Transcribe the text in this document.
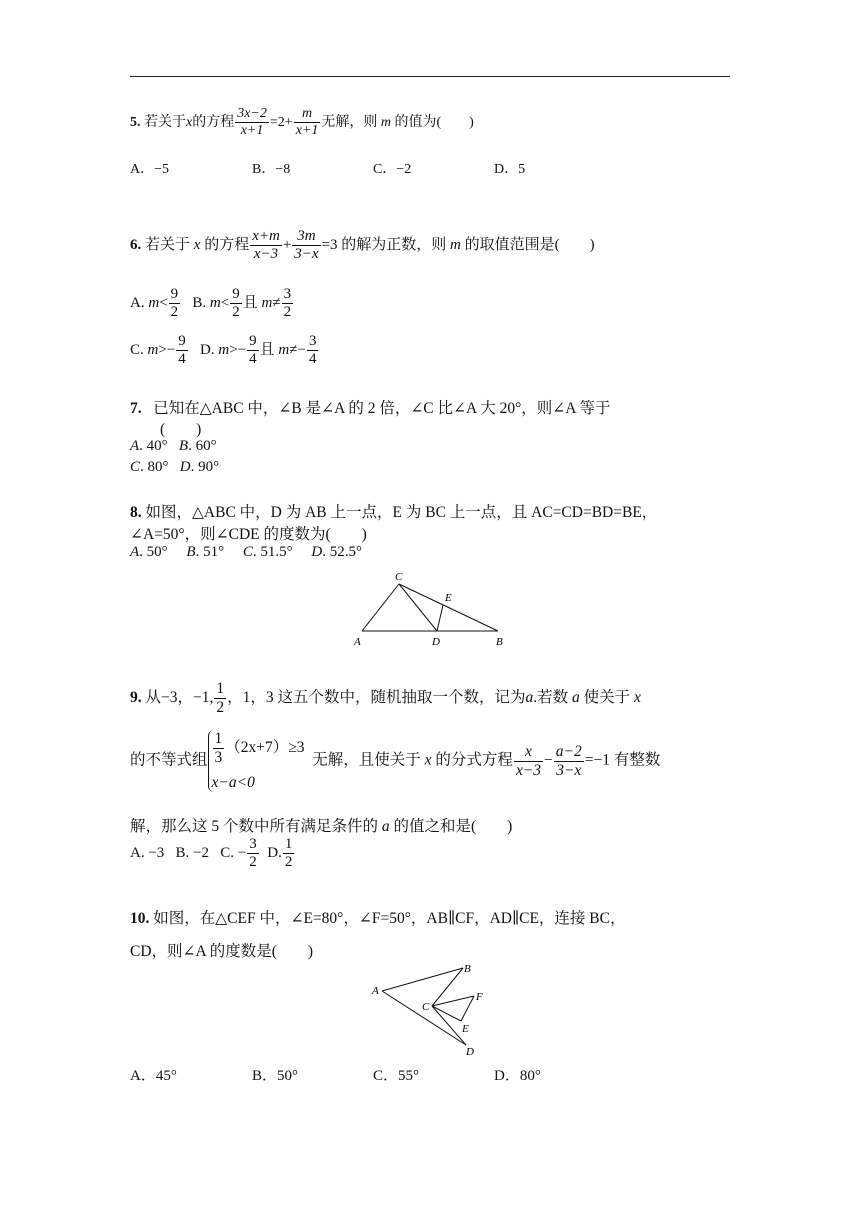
5. 若关于x的方程 $\frac{3x-2}{x+1} =2+ \frac{m}{x+1}$ 无解，则 m 的值为(　　)
A．−5	B．−8	C．−2	D．5
6. 若关于 x 的方程 $\frac{x+m}{x-3} + \frac{3m}{3-x} =3$ 的解为正数，则 m 的取值范围是(　　)
A. $m< \frac{9}{2} B$. $m< \frac{9}{2}$ 且 $m\ne \frac{3}{2}$
C. $m>- \frac{9}{4} D$. $m>- \frac{9}{4}$ 且 $m\ne- \frac{3}{4}$
7. 已知在△ABC 中，∠B 是∠A 的 2 倍，∠C 比∠A 大 20°，则∠A 等于
(　　)
A. 40° B. 60°
C. 80° D. 90°
8. 如图，△ABC 中，D 为 AB 上一点，E 为 BC 上一点，且 AC=CD=BD=BE，
∠A=50°，则∠CDE 的度数为(　　)
A. 50° B. 51° C. 51.5° D. 52.5°
C
E
A	D	B
9. 从−3，−1, $\frac{1}{2}$ ，1，3 这五个数中，随机抽取一个数，记为a.若数 a 使关于 x
的不等式组 $\frac{1}{3} (2x+7)\ge 3$
x−a<0
无解，且使关于 x 的分式方程 $\frac{x}{x-3} - \frac{a-2}{3-x} =-1$ 有整数
解，那么这 5 个数中所有满足条件的 a 的值之和是(　　)
A. −3 B. −2 C. − $\frac{3}{2} D$. $\frac{1}{2}$
10. 如图，在△CEF 中，∠E=80°，∠F=50°，AB∥CF，AD∥CE，连接 BC，
CD，则∠A 的度数是(　　)
A
B
C
F
E
D
A．45°	B．50°	C．55°	D．80°
